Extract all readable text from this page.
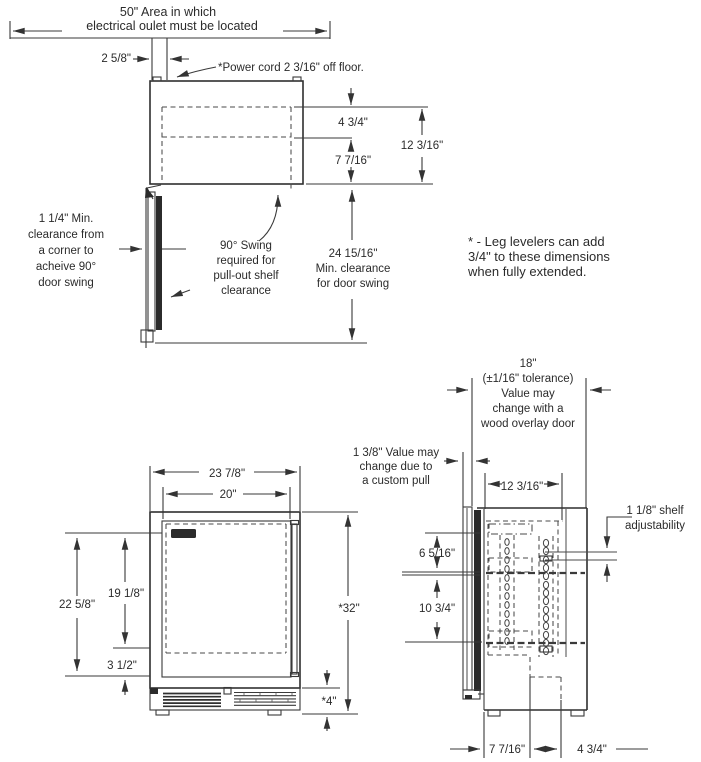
50" Area in which
electrical oulet must be located
2 5/8"
*Power cord 2 3/16" off floor.
4 3/4"
7 7/16"
12 3/16"
1 1/4" Min.
clearance from
a corner to
acheive 90°
door swing
90° Swing
required for
pull-out shelf
clearance
24 15/16"
Min. clearance
for door swing
* - Leg levelers can add
3/4" to these dimensions
when fully extended.
23 7/8"
20"
22 5/8"
19 1/8"
3 1/2"
*32"
*4"
18"
(±1/16" tolerance)
Value may
change with a
wood overlay door
1 3/8" Value may
change due to
a custom pull	12 3/16"
6 5/16"
10 3/4"
1 1/8" shelf
adjustability
7 7/16"	4 3/4"
